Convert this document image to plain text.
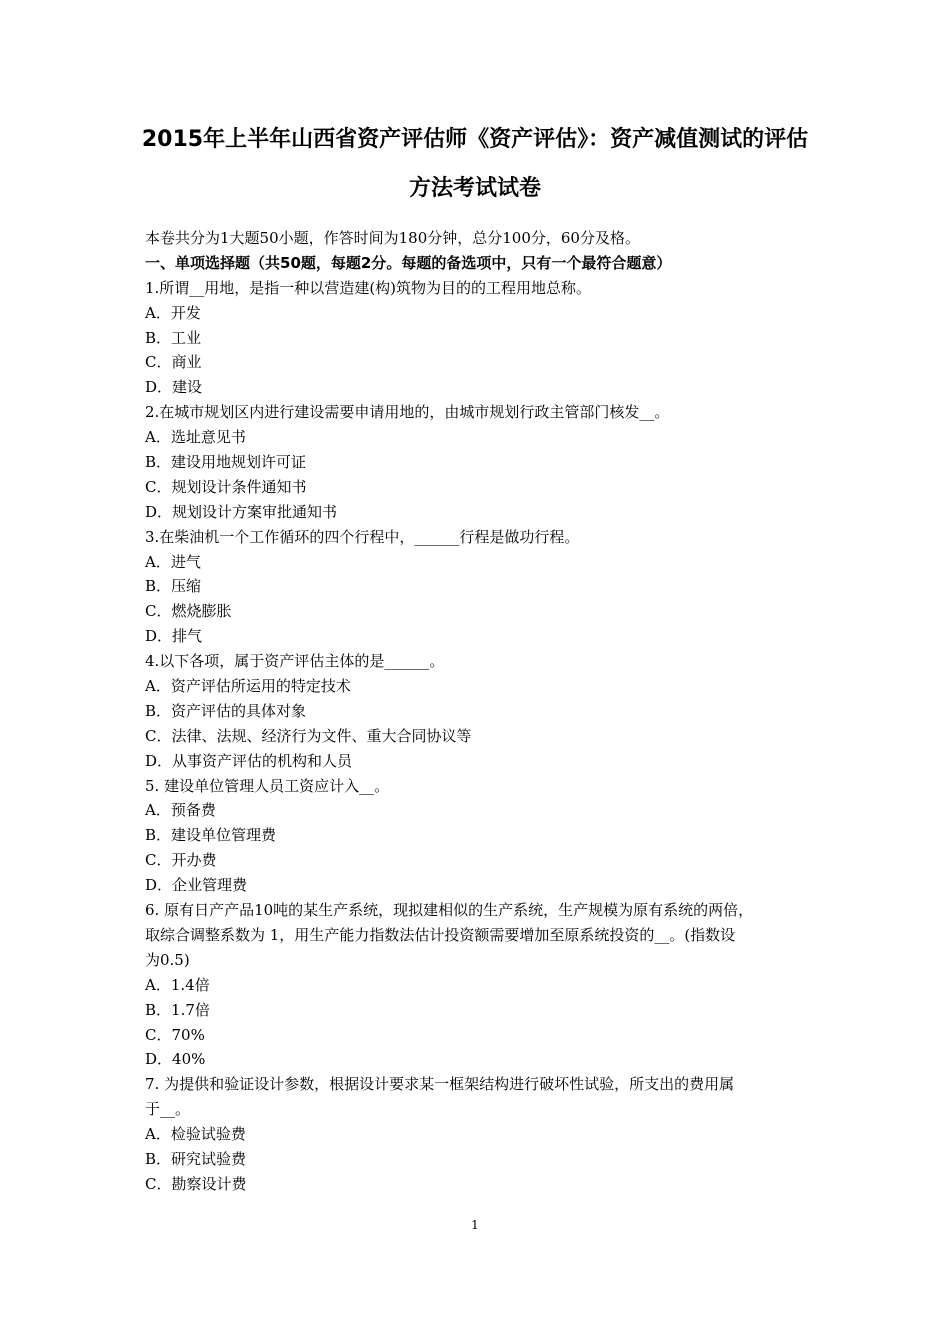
2015年上半年山西省资产评估师《资产评估》：资产减值测试的评估
方法考试试卷
本卷共分为1大题50小题，作答时间为180分钟，总分100分，60分及格。
一、单项选择题（共50题，每题2分。每题的备选项中，只有一个最符合题意）
1.所谓__用地，是指一种以营造建(构)筑物为目的的工程用地总称。
A．开发
B．工业
C．商业
D．建设
2.在城市规划区内进行建设需要申请用地的，由城市规划行政主管部门核发__。
A．选址意见书
B．建设用地规划许可证
C．规划设计条件通知书
D．规划设计方案审批通知书
3.在柴油机一个工作循环的四个行程中，______行程是做功行程。
A．进气
B．压缩
C．燃烧膨胀
D．排气
4.以下各项，属于资产评估主体的是______。
A．资产评估所运用的特定技术
B．资产评估的具体对象
C．法律、法规、经济行为文件、重大合同协议等
D．从事资产评估的机构和人员
5. 建设单位管理人员工资应计入__。
A．预备费
B．建设单位管理费
C．开办费
D．企业管理费
6. 原有日产产品10吨的某生产系统，现拟建相似的生产系统，生产规模为原有系统的两倍，
取综合调整系数为 1，用生产能力指数法估计投资额需要增加至原系统投资的__。(指数设
为0.5)
A．1.4倍
B．1.7倍
C．70%
D．40%
7. 为提供和验证设计参数，根据设计要求某一框架结构进行破坏性试验，所支出的费用属
于__。
A．检验试验费
B．研究试验费
C．勘察设计费
1
